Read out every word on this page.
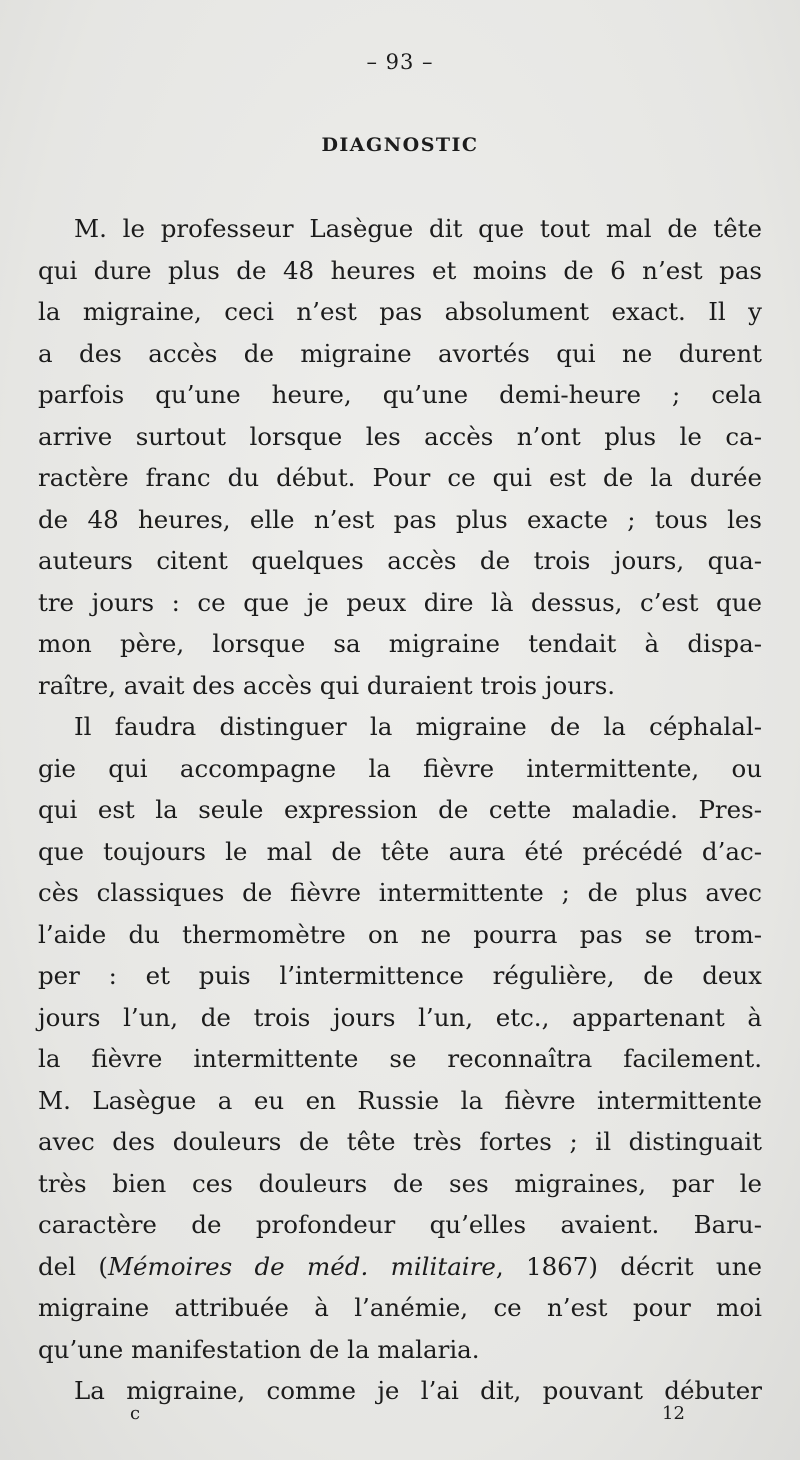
– 93 –
DIAGNOSTIC
M. le professeur Lasègue dit que tout mal de tête
qui dure plus de 48 heures et moins de 6 n’est pas
la migraine, ceci n’est pas absolument exact. Il y
a des accès de migraine avortés qui ne durent
parfois qu’une heure, qu’une demi-heure ; cela
arrive surtout lorsque les accès n’ont plus le ca-
ractère franc du début. Pour ce qui est de la durée
de 48 heures, elle n’est pas plus exacte ; tous les
auteurs citent quelques accès de trois jours, qua-
tre jours : ce que je peux dire là dessus, c’est que
mon père, lorsque sa migraine tendait à dispa-
raître, avait des accès qui duraient trois jours.
Il faudra distinguer la migraine de la céphalal-
gie qui accompagne la fièvre intermittente, ou
qui est la seule expression de cette maladie. Pres-
que toujours le mal de tête aura été précédé d’ac-
cès classiques de fièvre intermittente ; de plus avec
l’aide du thermomètre on ne pourra pas se trom-
per : et puis l’intermittence régulière, de deux
jours l’un, de trois jours l’un, etc., appartenant à
la fièvre intermittente se reconnaîtra facilement.
M. Lasègue a eu en Russie la fièvre intermittente
avec des douleurs de tête très fortes ; il distinguait
très bien ces douleurs de ses migraines, par le
caractère de profondeur qu’elles avaient. Baru-
del (Mémoires de méd. militaire, 1867) décrit une
migraine attribuée à l’anémie, ce n’est pour moi
qu’une manifestation de la malaria.
La migraine, comme je l’ai dit, pouvant débuter
c	12
